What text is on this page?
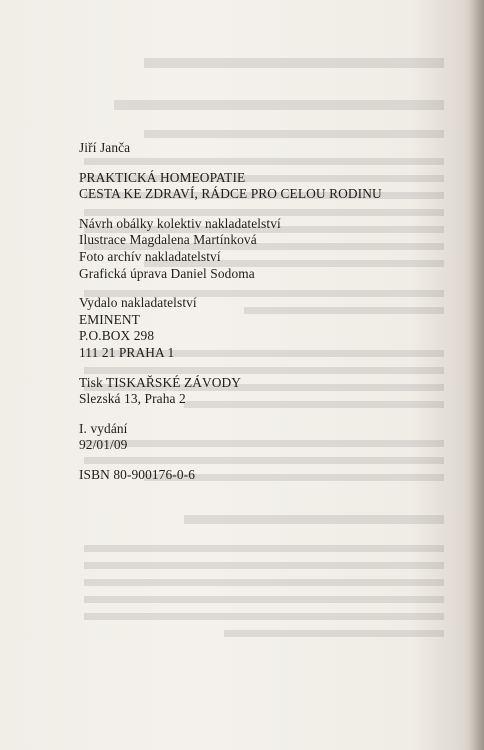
Jiří Janča
PRAKTICKÁ HOMEOPATIE
CESTA KE ZDRAVÍ, RÁDCE PRO CELOU RODINU
Návrh obálky kolektiv nakladatelství
Ilustrace Magdalena Martínková
Foto archív nakladatelství
Grafická úprava Daniel Sodoma
Vydalo nakladatelství
EMINENT
P.O.BOX 298
111 21 PRAHA 1
Tisk TISKAŘSKÉ ZÁVODY
Slezská 13, Praha 2
I. vydání
92/01/09
ISBN 80-900176-0-6
